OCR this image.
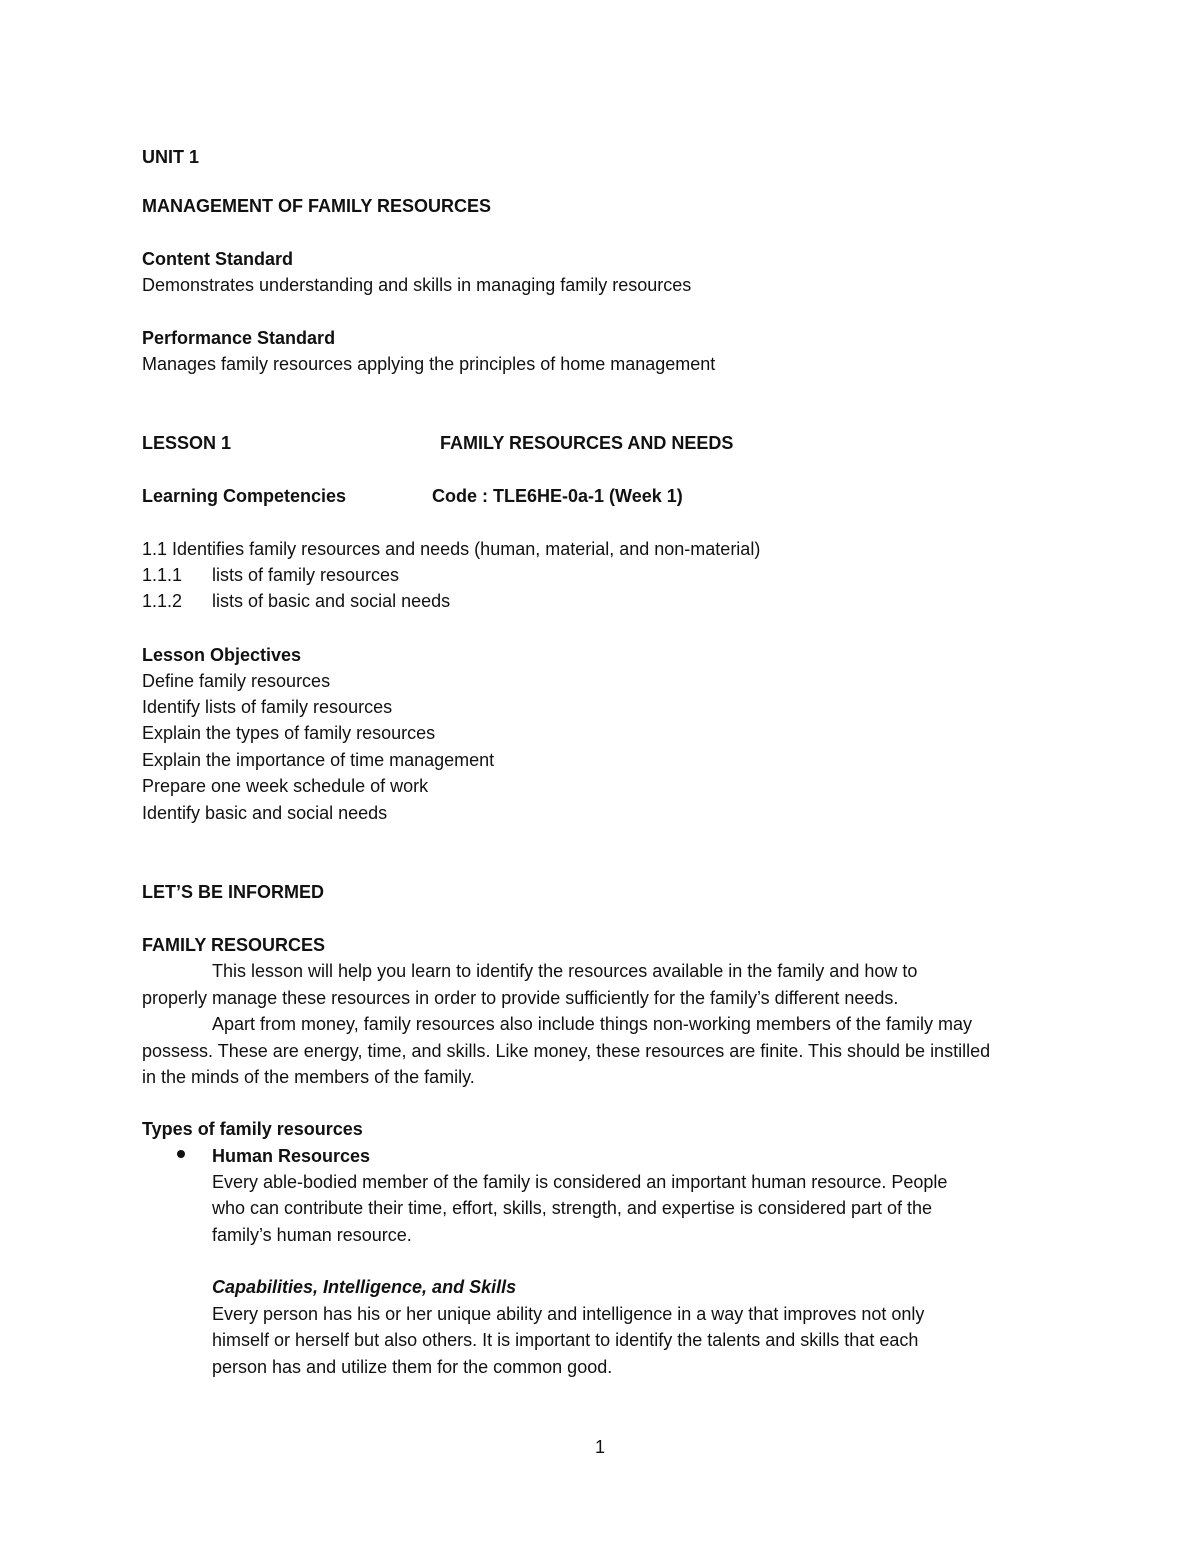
UNIT 1
MANAGEMENT OF FAMILY RESOURCES
Content Standard
Demonstrates understanding and skills in managing family resources
Performance Standard
Manages family resources applying the principles of home management
LESSON 1	FAMILY RESOURCES AND NEEDS
Learning Competencies	Code : TLE6HE-0a-1 (Week 1)
1.1 Identifies family resources and needs (human, material, and non-material)
1.1.1 lists of family resources
1.1.2 lists of basic and social needs
Lesson Objectives
Define family resources
Identify lists of family resources
Explain the types of family resources
Explain the importance of time management
Prepare one week schedule of work
Identify basic and social needs
LET’S BE INFORMED
FAMILY RESOURCES
This lesson will help you learn to identify the resources available in the family and how to
properly manage these resources in order to provide sufficiently for the family’s different needs.
Apart from money, family resources also include things non-working members of the family may
possess. These are energy, time, and skills. Like money, these resources are finite. This should be instilled
in the minds of the members of the family.
Types of family resources
Human Resources
Every able-bodied member of the family is considered an important human resource. People
who can contribute their time, effort, skills, strength, and expertise is considered part of the
family’s human resource.
Capabilities, Intelligence, and Skills
Every person has his or her unique ability and intelligence in a way that improves not only
himself or herself but also others. It is important to identify the talents and skills that each
person has and utilize them for the common good.
1
